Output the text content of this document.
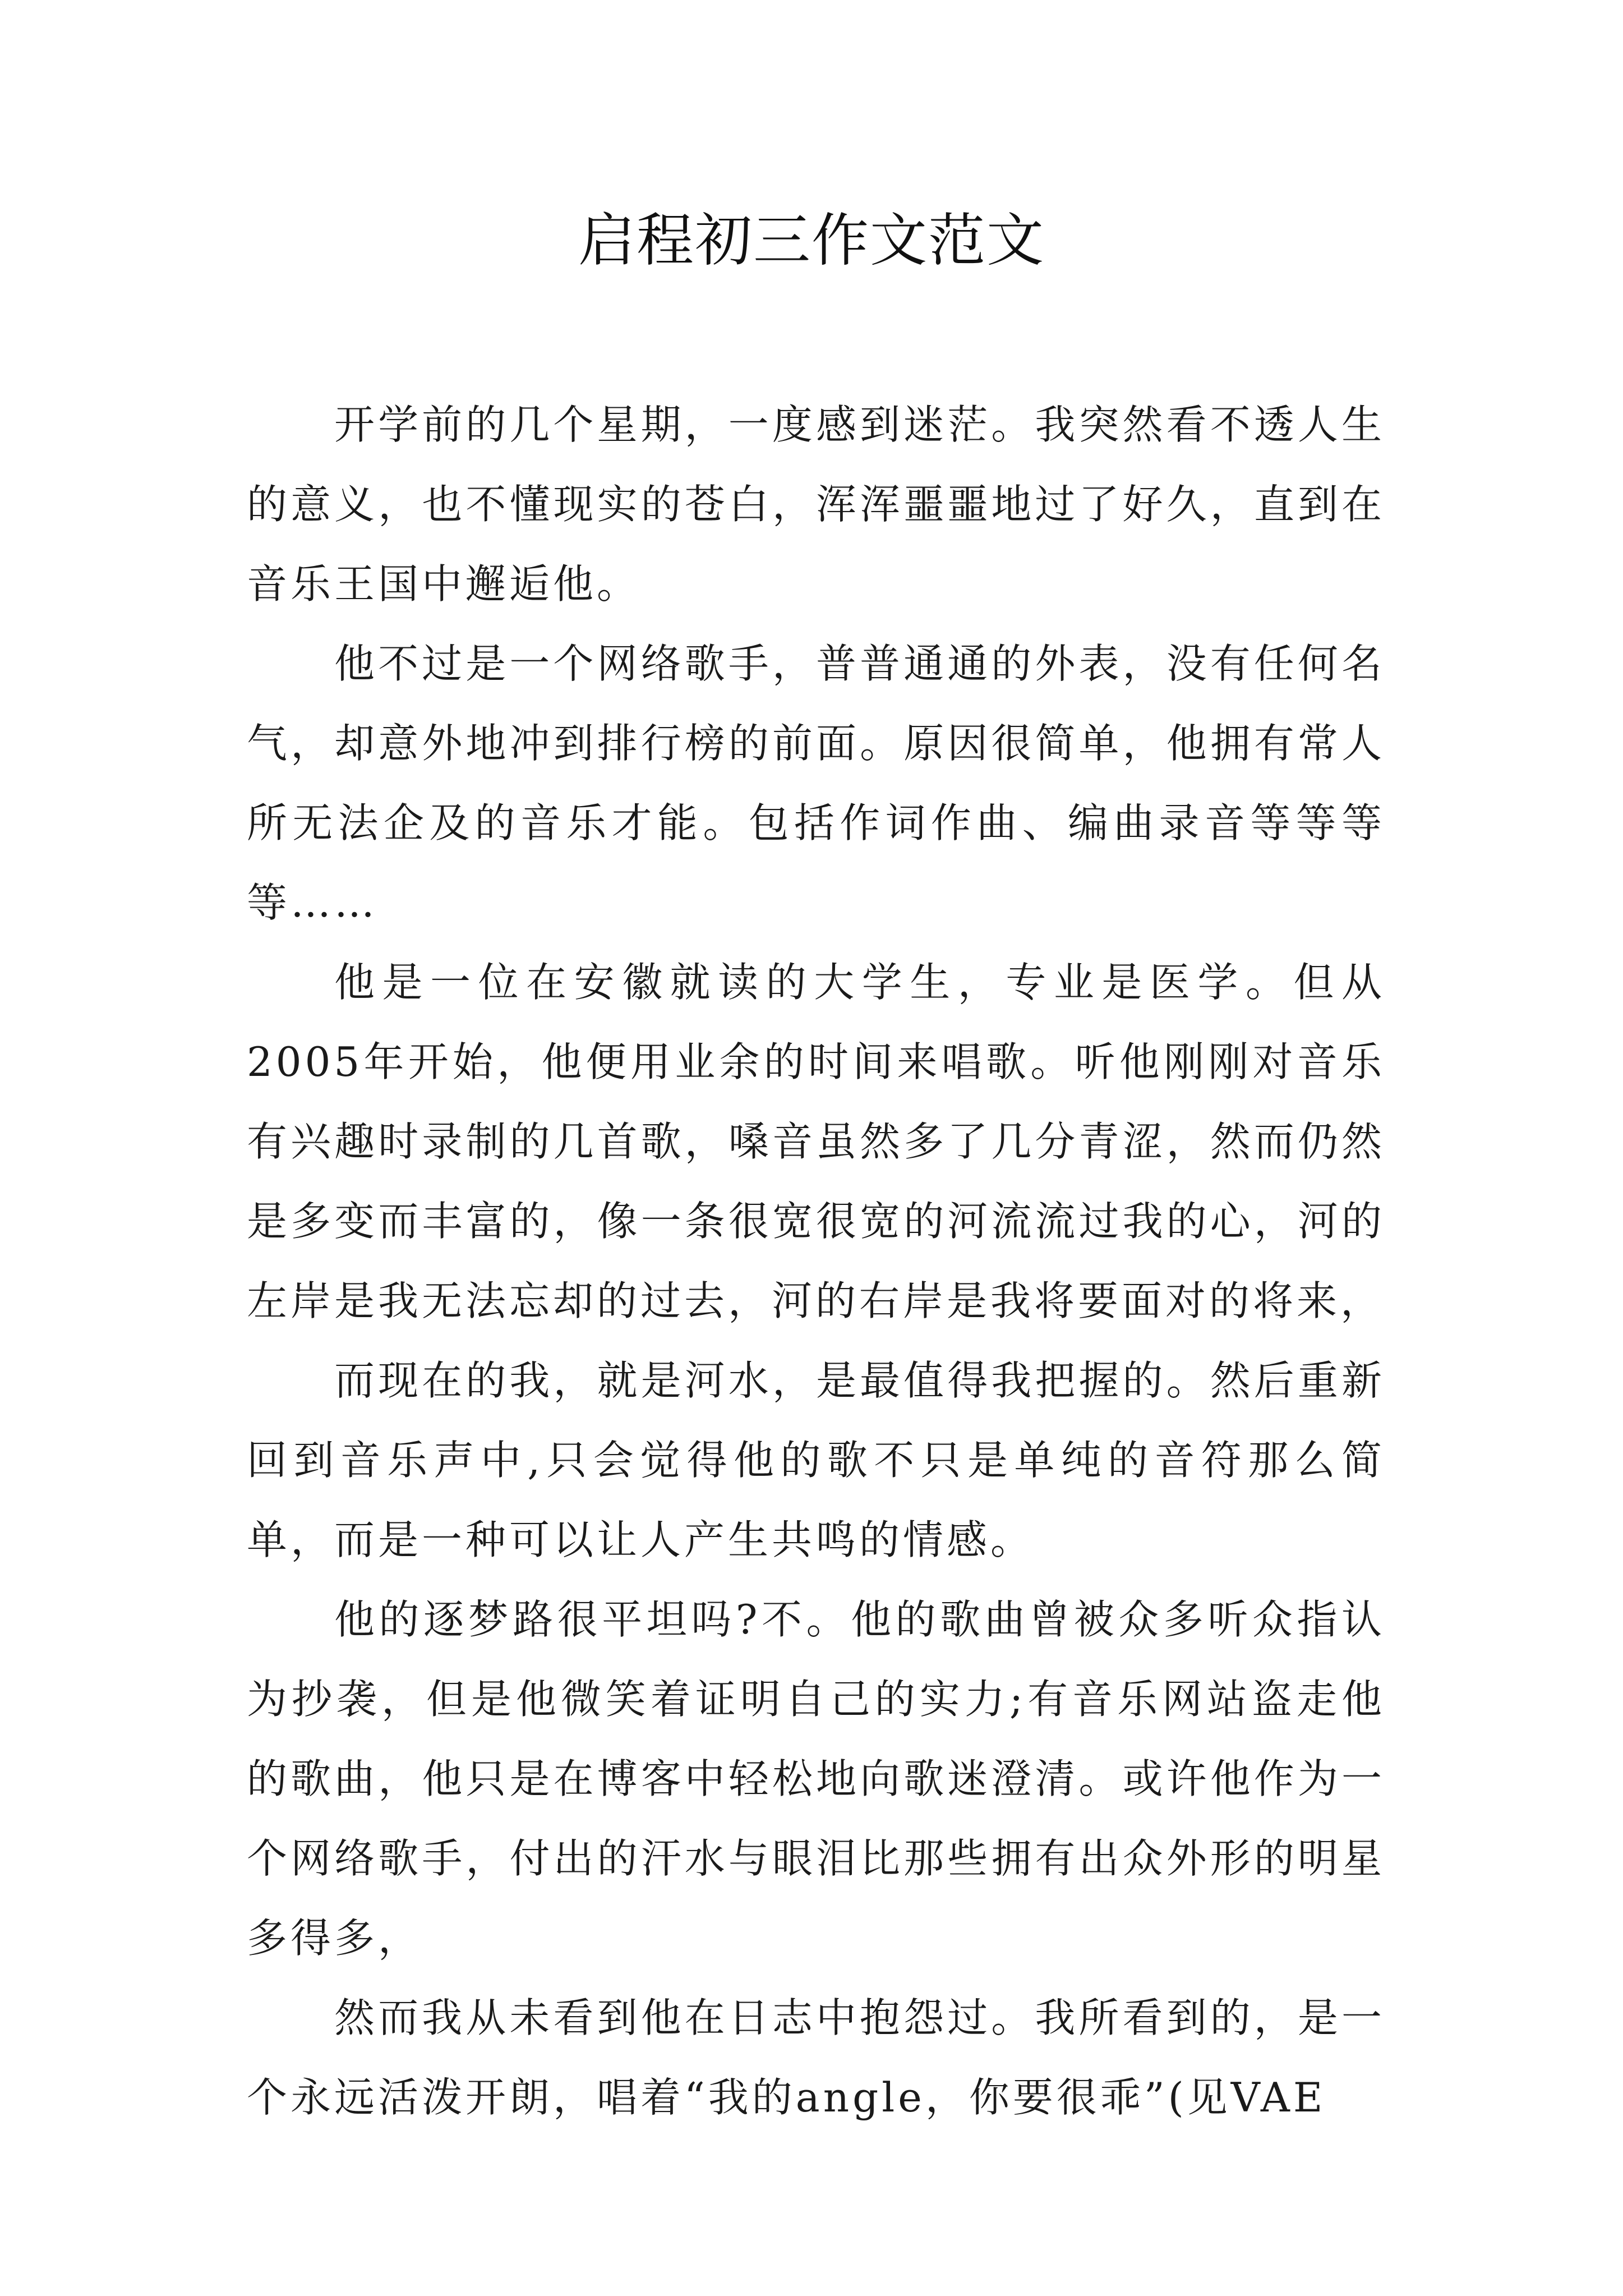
启程初三作文范文

开学前的几个星期，一度感到迷茫。我突然看不透人生的意义，也不懂现实的苍白，浑浑噩噩地过了好久，直到在音乐王国中邂逅他。

他不过是一个网络歌手，普普通通的外表，没有任何名气，却意外地冲到排行榜的前面。原因很简单，他拥有常人所无法企及的音乐才能。包括作词作曲、编曲录音等等等等……

他是一位在安徽就读的大学生，专业是医学。但从2005年开始，他便用业余的时间来唱歌。听他刚刚对音乐有兴趣时录制的几首歌，嗓音虽然多了几分青涩，然而仍然是多变而丰富的，像一条很宽很宽的河流流过我的心，河的左岸是我无法忘却的过去，河的右岸是我将要面对的将来，

而现在的我，就是河水，是最值得我把握的。然后重新回到音乐声中,只会觉得他的歌不只是单纯的音符那么简单，而是一种可以让人产生共鸣的情感。

他的逐梦路很平坦吗?不。他的歌曲曾被众多听众指认为抄袭，但是他微笑着证明自己的实力;有音乐网站盗走他的歌曲，他只是在博客中轻松地向歌迷澄清。或许他作为一个网络歌手，付出的汗水与眼泪比那些拥有出众外形的明星多得多，

然而我从未看到他在日志中抱怨过。我所看到的，是一个永远活泼开朗，唱着“我的angle，你要很乖”(见VAE
